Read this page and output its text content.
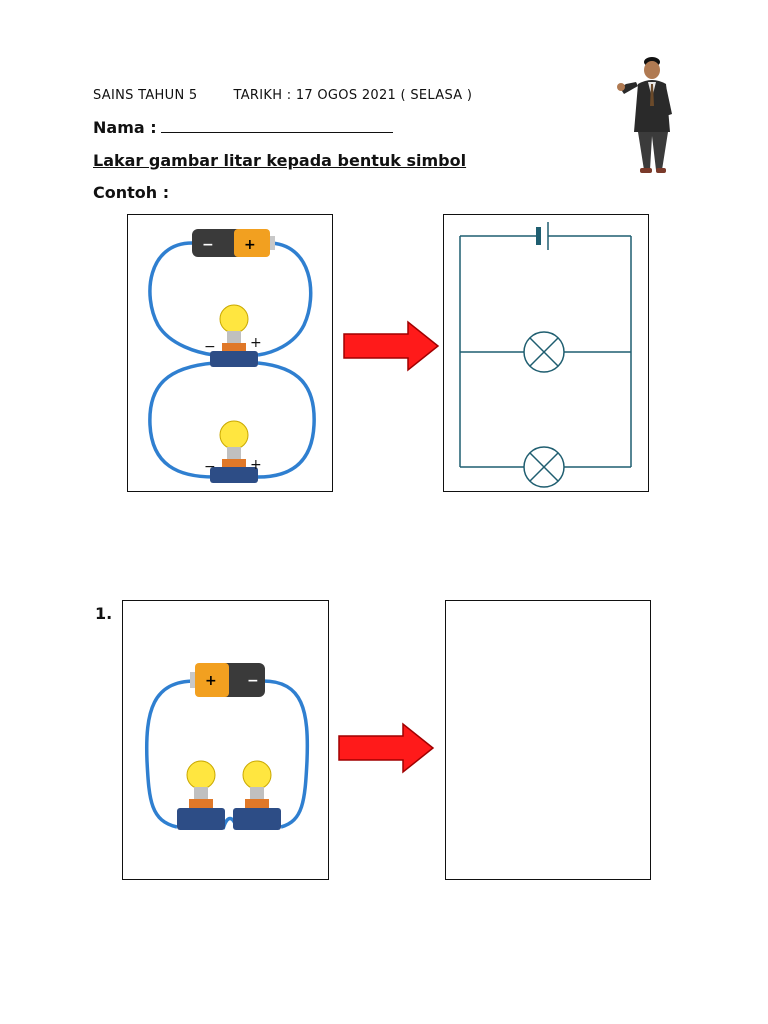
SAINS TAHUN 5	TARIKH : 17 OGOS 2021 ( SELASA )
Nama :
Lakar gambar litar kepada bentuk simbol
Contoh :
1.
− +
− +
− +
+ −
